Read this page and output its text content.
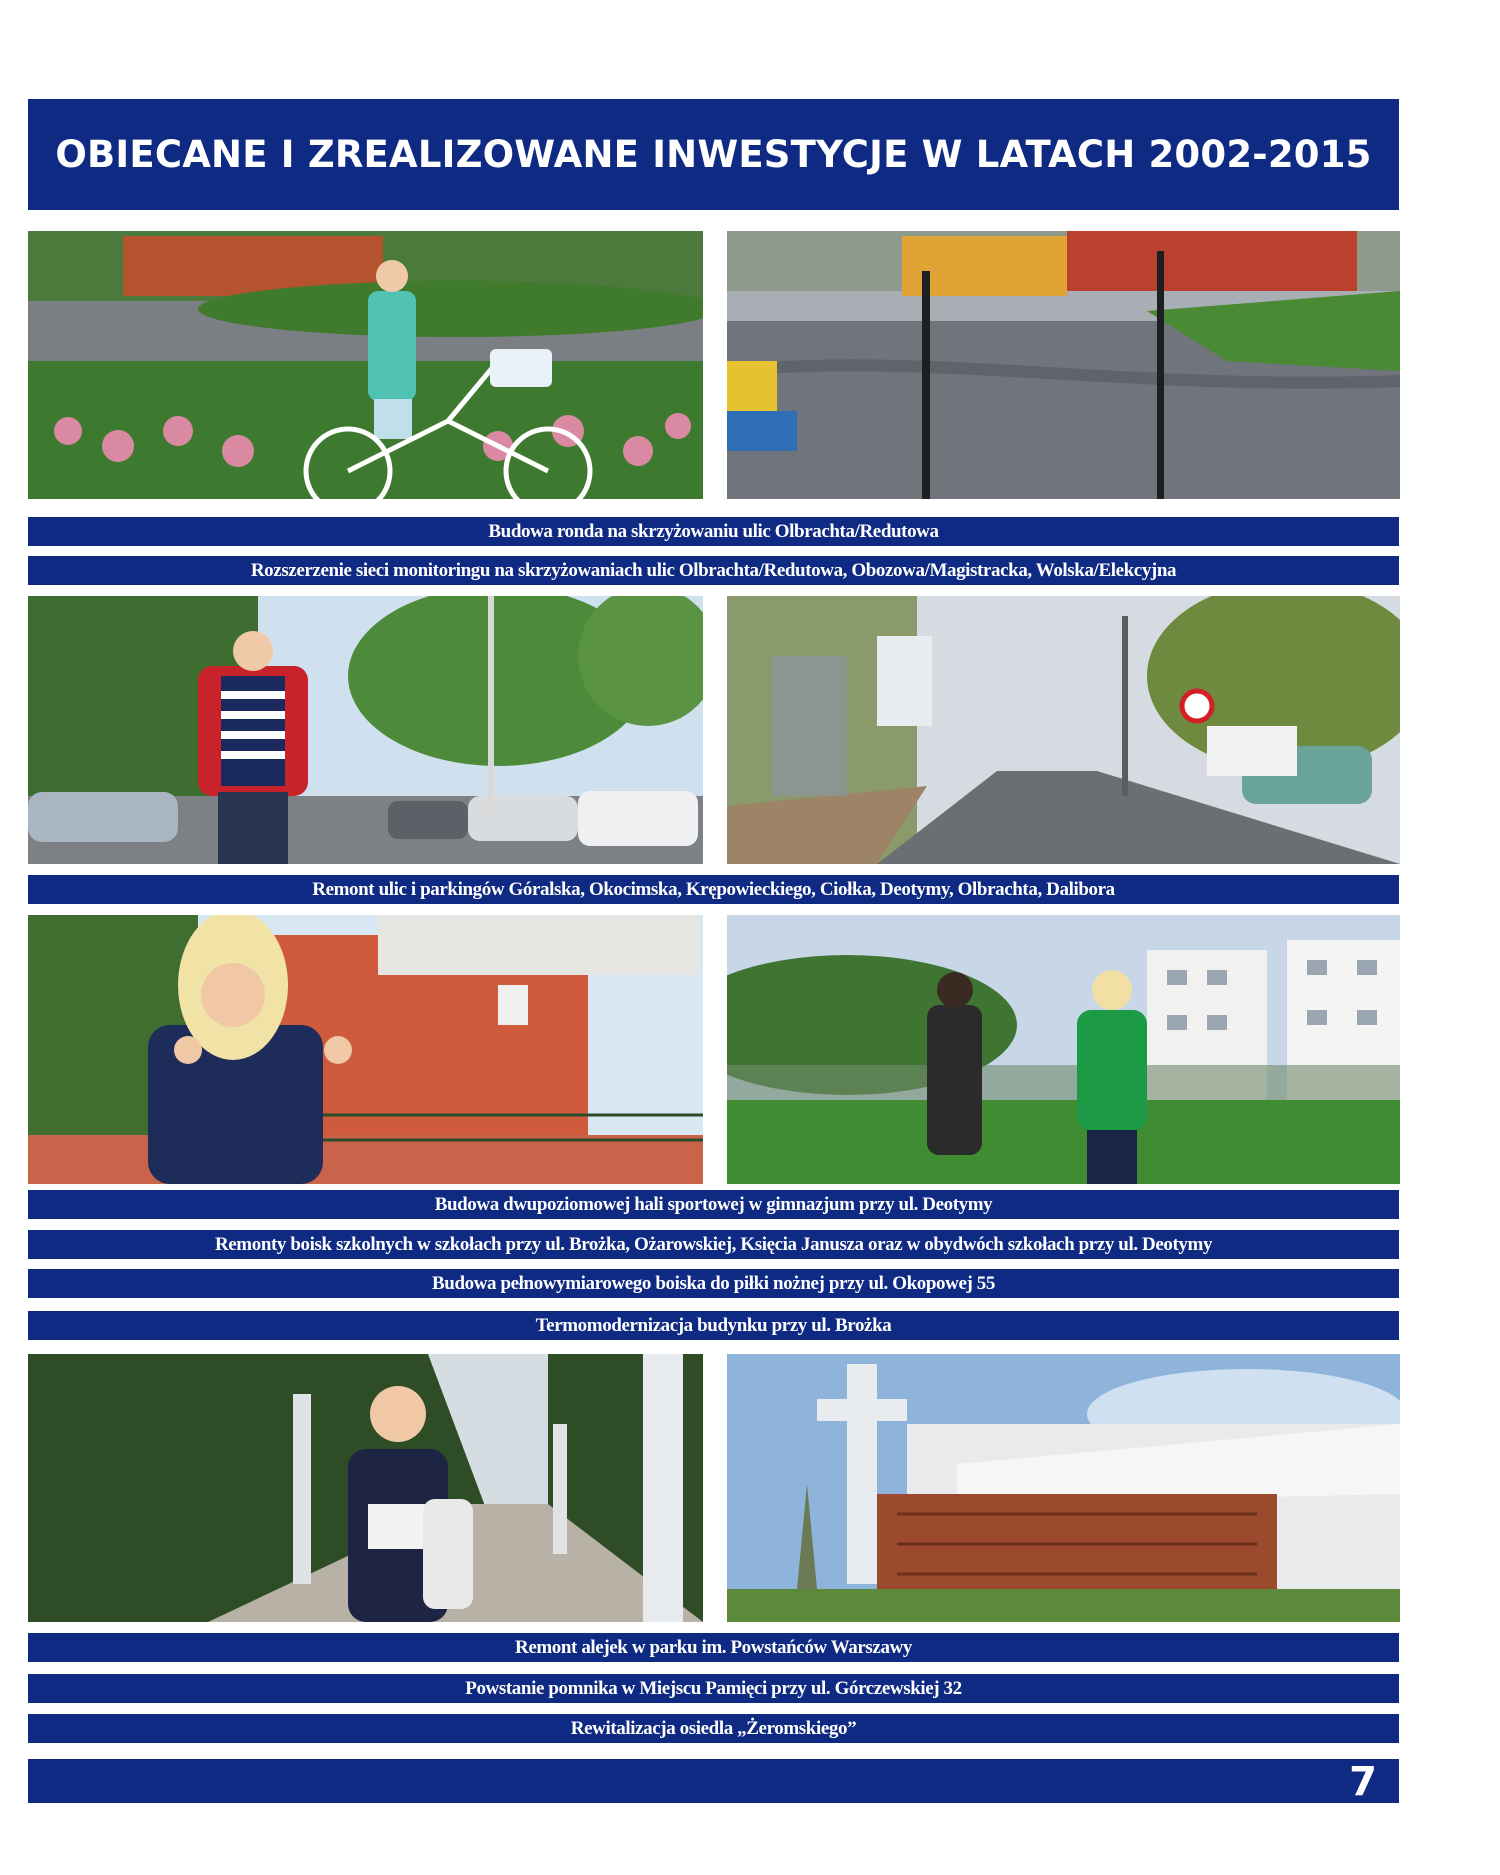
OBIECANE I ZREALIZOWANE INWESTYCJE W LATACH 2002-2015
Budowa ronda na skrzyżowaniu ulic Olbrachta/Redutowa
Rozszerzenie sieci monitoringu na skrzyżowaniach ulic Olbrachta/Redutowa, Obozowa/Magistracka, Wolska/Elekcyjna
Remont ulic i parkingów Góralska, Okocimska, Krępowieckiego, Ciołka, Deotymy, Olbrachta, Dalibora
Budowa dwupoziomowej hali sportowej w gimnazjum przy ul. Deotymy
Remonty boisk szkolnych w szkołach przy ul. Brożka, Ożarowskiej, Księcia Janusza oraz w obydwóch szkołach przy ul. Deotymy
Budowa pełnowymiarowego boiska do piłki nożnej przy ul. Okopowej 55
Termomodernizacja budynku przy ul. Brożka
Remont alejek w parku im. Powstańców Warszawy
Powstanie pomnika w Miejscu Pamięci przy ul. Górczewskiej 32
Rewitalizacja osiedla „Żeromskiego”
7
